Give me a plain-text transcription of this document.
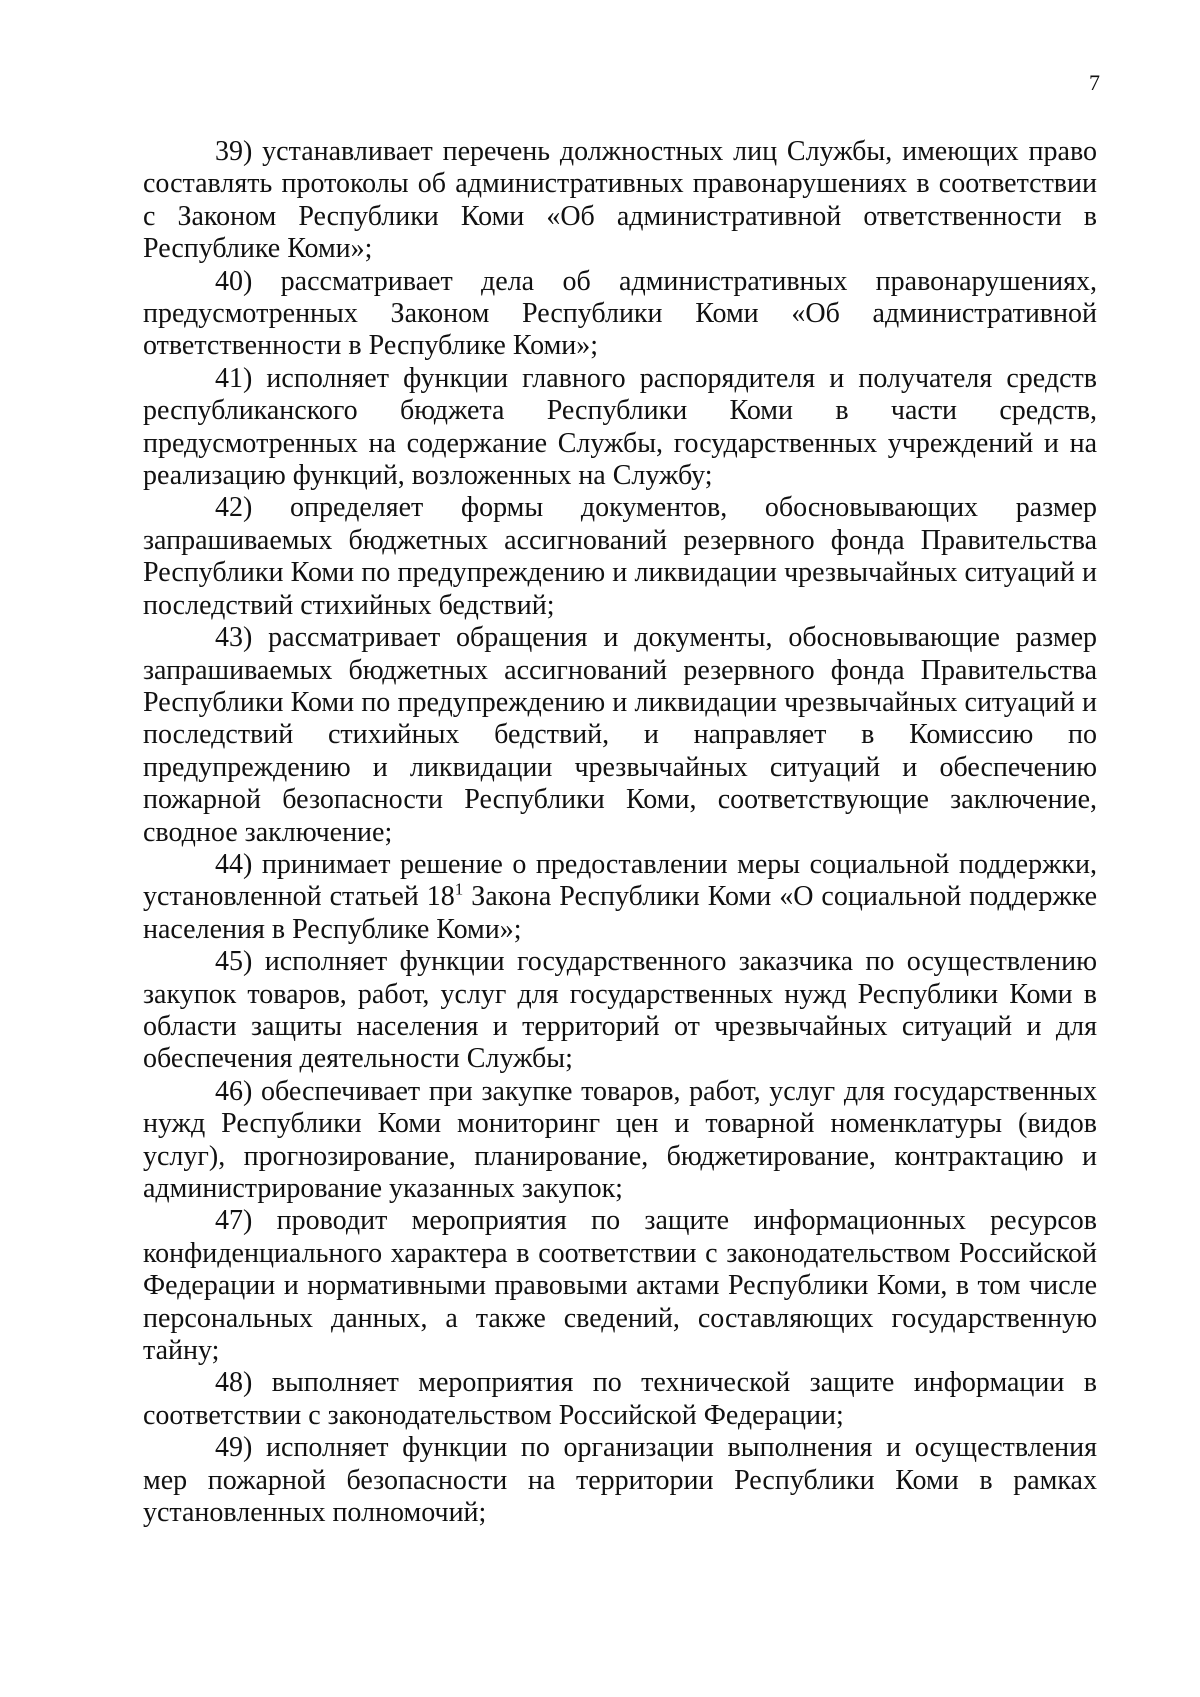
7

39) устанавливает перечень должностных лиц Службы, имеющих право составлять протоколы об административных правонарушениях в соответствии с Законом Республики Коми «Об административной ответственности в Республике Коми»;

40) рассматривает дела об административных правонарушениях, предусмотренных Законом Республики Коми «Об административной ответственности в Республике Коми»;

41) исполняет функции главного распорядителя и получателя средств республиканского бюджета Республики Коми в части средств, предусмотренных на содержание Службы, государственных учреждений и на реализацию функций, возложенных на Службу;

42) определяет формы документов, обосновывающих размер запрашиваемых бюджетных ассигнований резервного фонда Правительства Республики Коми по предупреждению и ликвидации чрезвычайных ситуаций и последствий стихийных бедствий;

43) рассматривает обращения и документы, обосновывающие размер запрашиваемых бюджетных ассигнований резервного фонда Правительства Республики Коми по предупреждению и ликвидации чрезвычайных ситуаций и последствий стихийных бедствий, и направляет в Комиссию по предупреждению и ликвидации чрезвычайных ситуаций и обеспечению пожарной безопасности Республики Коми, соответствующие заключение, сводное заключение;

44) принимает решение о предоставлении меры социальной поддержки, установленной статьей $18^1$ Закона Республики Коми «О социальной поддержке населения в Республике Коми»;

45) исполняет функции государственного заказчика по осуществлению закупок товаров, работ, услуг для государственных нужд Республики Коми в области защиты населения и территорий от чрезвычайных ситуаций и для обеспечения деятельности Службы;

46) обеспечивает при закупке товаров, работ, услуг для государственных нужд Республики Коми мониторинг цен и товарной номенклатуры (видов услуг), прогнозирование, планирование, бюджетирование, контрактацию и администрирование указанных закупок;

47) проводит мероприятия по защите информационных ресурсов конфиденциального характера в соответствии с законодательством Российской Федерации и нормативными правовыми актами Республики Коми, в том числе персональных данных, а также сведений, составляющих государственную тайну;

48) выполняет мероприятия по технической защите информации в соответствии с законодательством Российской Федерации;

49) исполняет функции по организации выполнения и осуществления мер пожарной безопасности на территории Республики Коми в рамках установленных полномочий;
